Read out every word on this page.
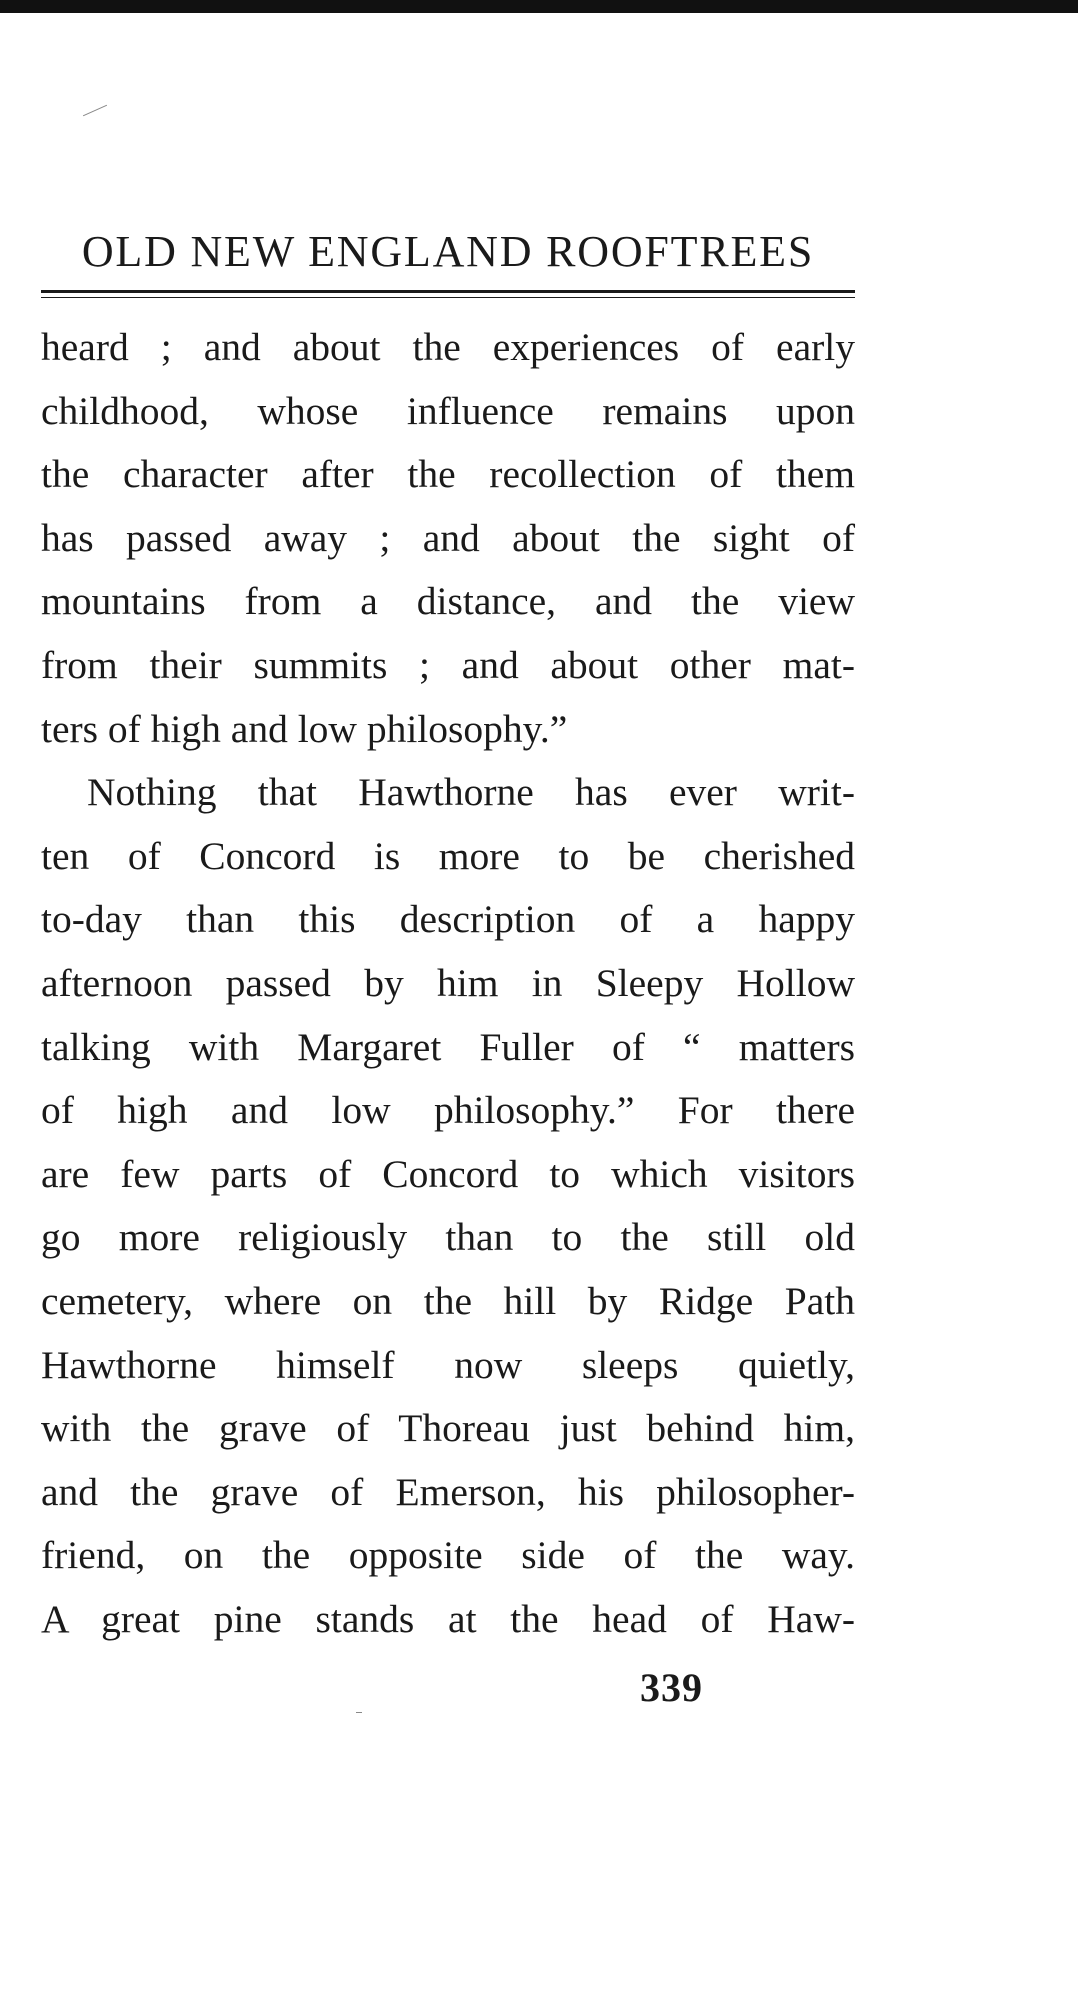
OLD NEW ENGLAND ROOFTREES
heard ; and about the experiences of early
childhood, whose influence remains upon
the character after the recollection of them
has passed away ; and about the sight of
mountains from a distance, and the view
from their summits ; and about other mat-
ters of high and low philosophy.”
Nothing that Hawthorne has ever writ-
ten of Concord is more to be cherished
to-day than this description of a happy
afternoon passed by him in Sleepy Hollow
talking with Margaret Fuller of “ matters
of high and low philosophy.” For there
are few parts of Concord to which visitors
go more religiously than to the still old
cemetery, where on the hill by Ridge Path
Hawthorne himself now sleeps quietly,
with the grave of Thoreau just behind him,
and the grave of Emerson, his philosopher-
friend, on the opposite side of the way.
A great pine stands at the head of Haw-
339
